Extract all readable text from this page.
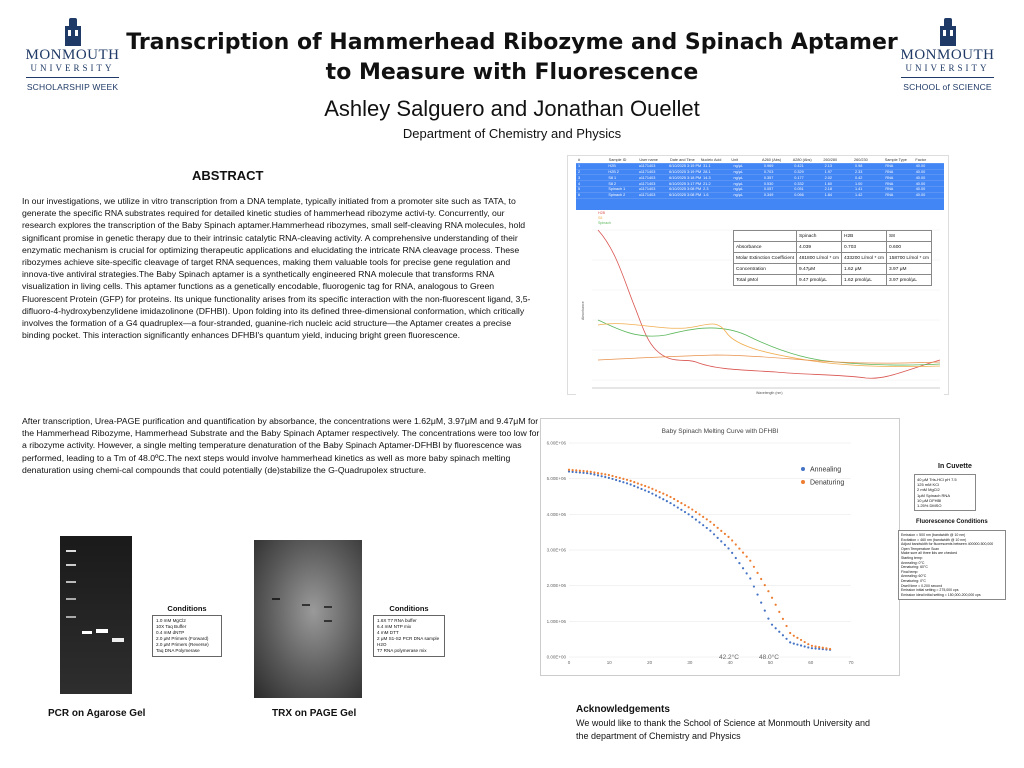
MONMOUTH
UNIVERSITY
SCHOLARSHIP WEEK
MONMOUTH
UNIVERSITY
SCHOOL of SCIENCE
Transcription of Hammerhead Ribozyme and Spinach Aptamer
to Measure with Fluorescence
Ashley Salguero and Jonathan Ouellet
Department of Chemistry and Physics
ABSTRACT
In our investigations, we utilize in vitro transcription from a DNA template, typically initiated from a promoter site such as TATA, to generate the specific RNA substrates required for detailed kinetic studies of hammerhead ribozyme activi-ty. Concurrently, our research explores the transcription of the Baby Spinach aptamer.Hammerhead ribozymes, small self-cleaving RNA molecules, hold significant promise in genetic therapy due to their intrinsic catalytic RNA-cleaving activity. A comprehensive understanding of their enzymatic mechanism is crucial for optimizing therapeutic applications and elucidating the intricate RNA cleavage process. These ribozymes achieve site-specific cleavage of target RNA sequences, making them valuable tools for precise gene regulation and innova-tive antiviral strategies.The Baby Spinach aptamer is a synthetically engineered RNA molecule that transforms RNA visualization in living cells. This aptamer functions as a genetically encodable, fluorogenic tag for RNA, analogous to Green Fluorescent Protein (GFP) for proteins. Its unique functionality arises from its specific interaction with the non-fluorescent ligand, 3,5-difluoro-4-hydroxybenzylidene imidazolinone (DFHBI). Upon folding into its defined three-dimensional conformation, which critically involves the formation of a G4 quadruplex—a four-stranded, guanine-rich nucleic acid structure—the Aptamer creates a precise binding pocket. This interaction significantly enhances DFHBI's quantum yield, inducing bright green fluorescence.
After transcription, Urea-PAGE purification and quantification by absorbance, the concentrations were 1.62μM, 3.97μM and 9.47μM for the Hammerhead Ribozyme, Hammerhead Substrate and the Baby Spinach Aptamer respectively. The concentrations were too low for a ribozyme activity. However, a single melting temperature denaturation of the Baby Spinach Aptamer-DFHBI by fluorescence was performed, leading to a Tm of 48.0ºC.The next steps would involve hammerhead kinetics as well as more baby spinach melting denaturation using chemi-cal compounds that could potentially (de)stabilize the G-Quadrupolex structure.
Conditions
1.0 mM MgCl2
10X Taq Buffer
0.4 mM dNTP
2.0 μM Primers (Forward)
2.0 μM Primers (Reverse)
Taq DNA Polymerase
PCR on Agarose Gel
Conditions
1.6X T7 RNA buffer
6.4 mM NTP mix
4 mM DTT
2 μM S1-S2 PCR DNA sample
H2O
T7 RNA polymerase mix
TRX on PAGE Gel
#	Sample ID	User name	Date and Time	Nucleic Acid	Unit	A260 (Abs)	A280 (Abs)	260/280	260/230	Sample Type	Factor
1	H2B	u1171403	6/10/2025 3:19 PM 31.1	ng/μL	0.969	0.421	2.13	0.98	RNA	40.00
2	H2B 2	u1171403	6/10/2025 3:19 PM 28.1	ng/μL	0.703	0.329	1.97	2.33	RNA	40.00
3	S8 1	u1171403	6/10/2025 3:18 PM 14.3	ng/μL	0.357	0.177	2.02	0.42	RNA	40.00
4	S8 2	u1171403	6/10/2025 3:17 PM 21.2	ng/μL	0.530	0.332	1.60	1.00	RNA	40.00
5	Spinach 1	u1171403	6/10/2025 3:08 PM 2.3	ng/μL	0.057	0.051	2.18	1.41	RNA	40.00
6	Spinach 2	u1171403	6/10/2025 3:08 PM 1.6	ng/μL	0.349	0.066	1.84	1.42	RNA	40.00
Absorbance
Wavelength (nm)
H2B
S8
Spinach
	Spinach	H2B	S8
Absorbance	4.039	0.703	0.600
Molar Extinction Coefficient	481800 L/mol * cm	433200 L/mol * cm	158700 L/mol * cm
Concentration	9.47μM	1.62 μM	3.97 μM
Total pMol	9.47 pmol/μL	1.62 pmol/μL	3.97 pmol/μL
Baby Spinach Melting Curve with DFHBI
0.00E+00
1.00E+06
2.00E+06
3.00E+06
4.00E+06
5.00E+06
6.00E+06
0	10	20	30	40	50	60	70
Annealing
Denaturing
42.2°C	48.0°C
In Cuvette
40 μM Tris-HCl pH 7.5
125 mM KCl
2 mM MgCl2
1μM Spinach RNA
10 μM DFHBI
1.25% DMSO
Fluorescence Conditions
Emission = 500 nm (bandwidth @ 10 nm)
Excitation = 460 nm (bandwidth @ 10 nm)
Adjust bandwidth for fluorescents between 400000-500,000
Open Temperature Scan
Make sure all three lids are checked
Starting temp:
Annealing: 0°C
Denaturing: 60°C
Final temp:
Annealing: 60°C
Denaturing: 0°C
Dwell time = 0.200 second
Emission initial setting = 275,000 cps
Emission ideal initial setting = 150,000-200,000 cps
Acknowledgements
We would like to thank the School of Science at Monmouth University and the department of Chemistry and Physics
